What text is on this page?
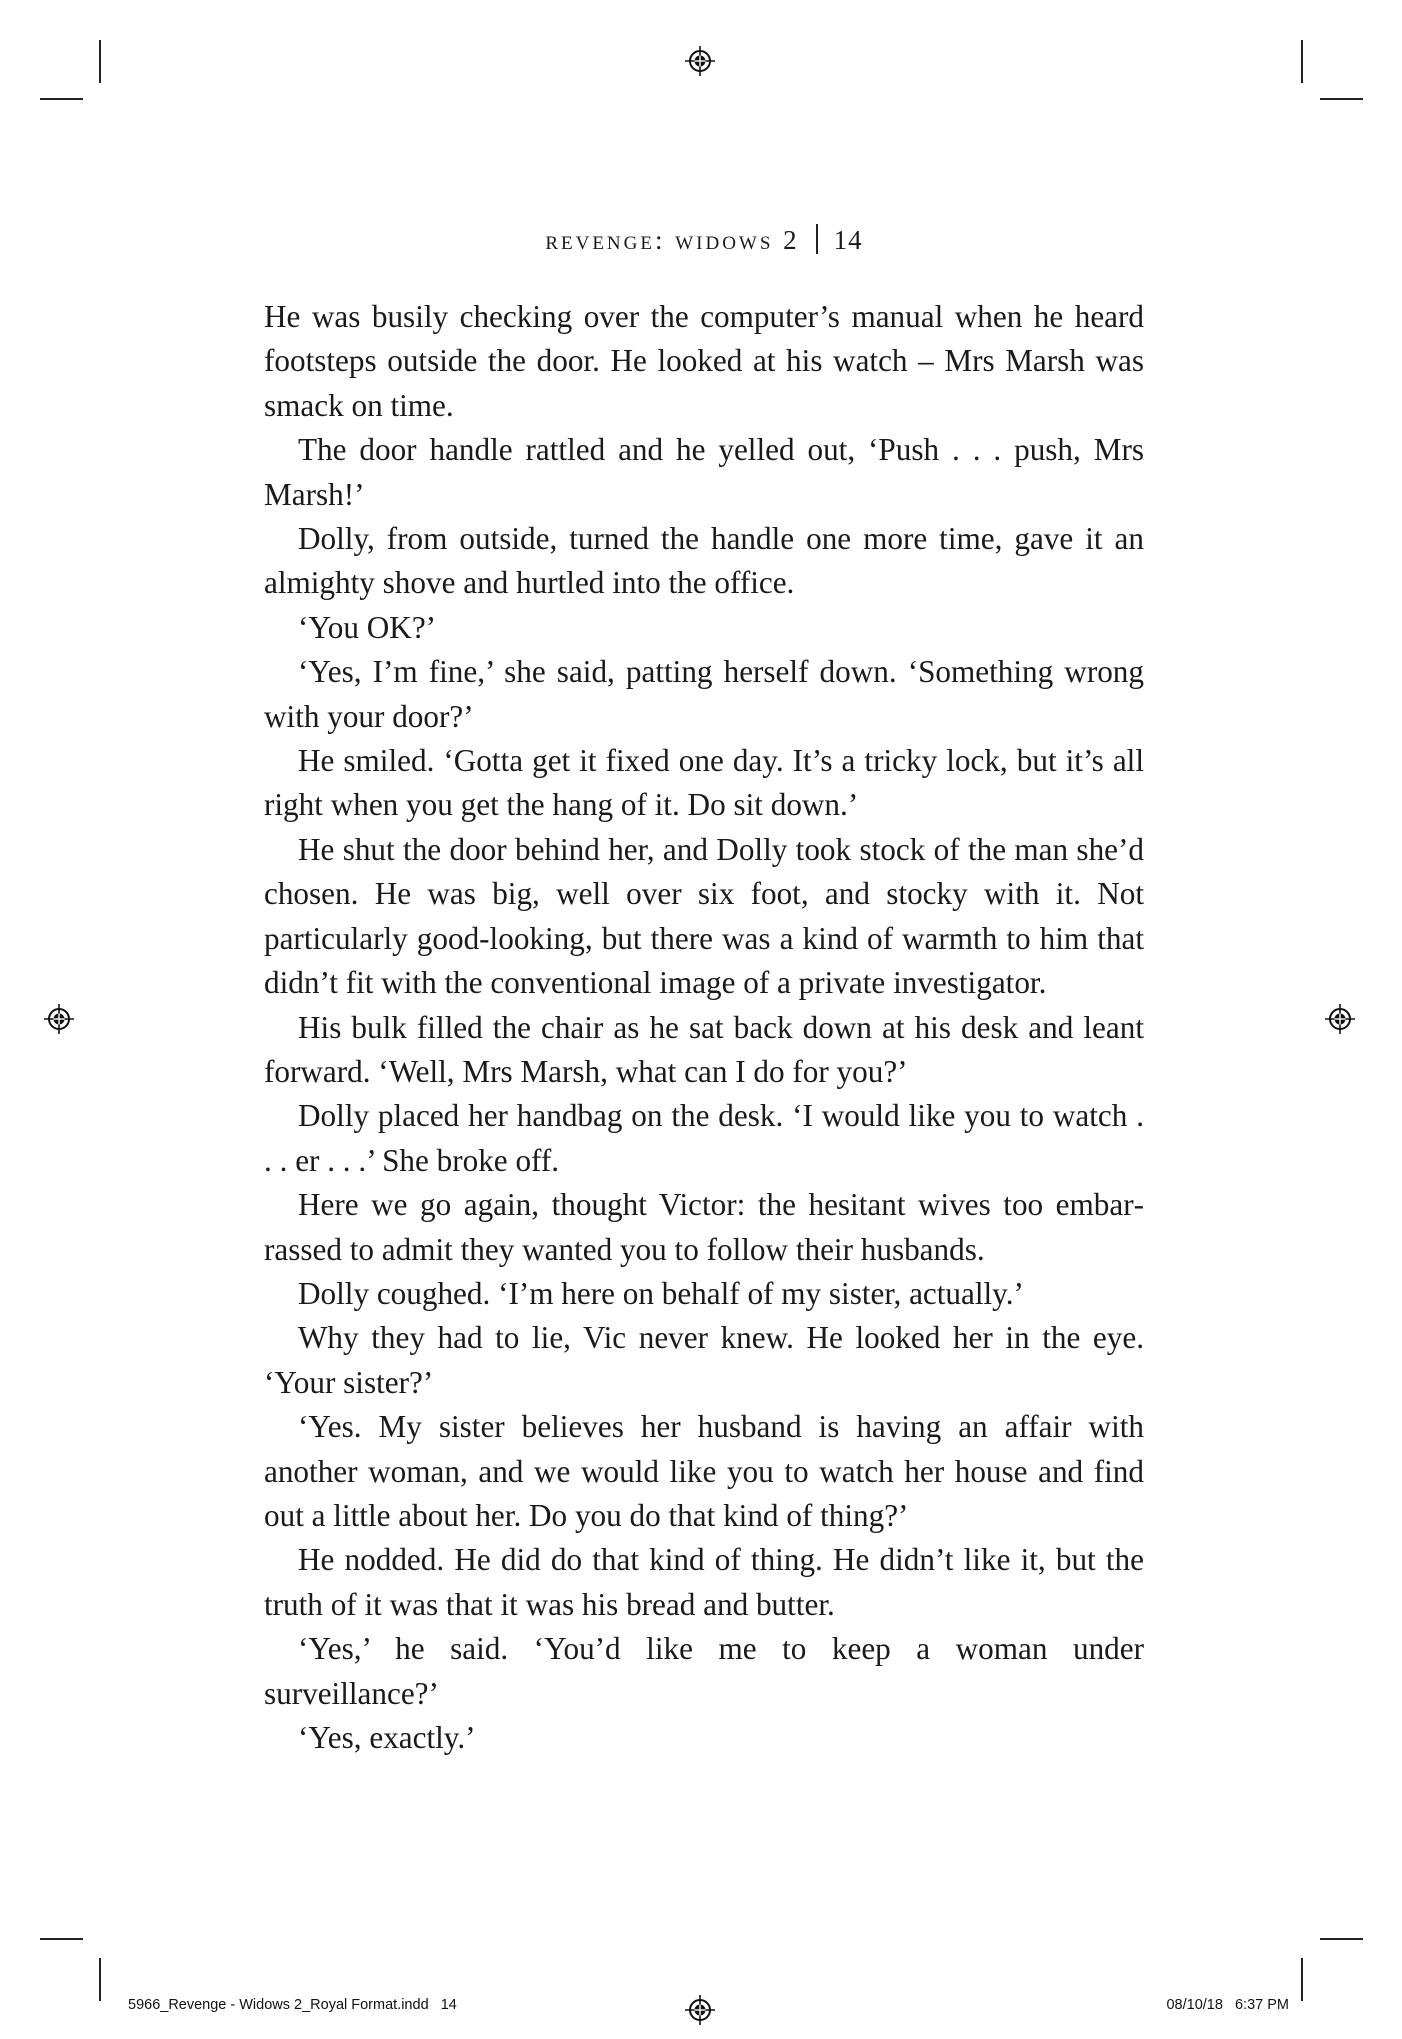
revenge: widows 2 14

He was busily checking over the computer’s manual when he heard footsteps outside the door. He looked at his watch – Mrs Marsh was smack on time.

The door handle rattled and he yelled out, ‘Push . . . push, Mrs Marsh!’

Dolly, from outside, turned the handle one more time, gave it an almighty shove and hurtled into the office.

‘You OK?’

‘Yes, I’m fine,’ she said, patting herself down. ‘Something wrong with your door?’

He smiled. ‘Gotta get it fixed one day. It’s a tricky lock, but it’s all right when you get the hang of it. Do sit down.’

He shut the door behind her, and Dolly took stock of the man she’d chosen. He was big, well over six foot, and stocky with it. Not particularly good-looking, but there was a kind of warmth to him that didn’t fit with the conventional image of a private investigator.

His bulk filled the chair as he sat back down at his desk and leant forward. ‘Well, Mrs Marsh, what can I do for you?’

Dolly placed her handbag on the desk. ‘I would like you to watch . . . er . . .’ She broke off.

Here we go again, thought Victor: the hesitant wives too embarrassed to admit they wanted you to follow their husbands.

Dolly coughed. ‘I’m here on behalf of my sister, actually.’

Why they had to lie, Vic never knew. He looked her in the eye. ‘Your sister?’

‘Yes. My sister believes her husband is having an affair with another woman, and we would like you to watch her house and find out a little about her. Do you do that kind of thing?’

He nodded. He did do that kind of thing. He didn’t like it, but the truth of it was that it was his bread and butter.

‘Yes,’ he said. ‘You’d like me to keep a woman under surveillance?’

‘Yes, exactly.’

5966_Revenge - Widows 2_Royal Format.indd   14	08/10/18   6:37 PM
